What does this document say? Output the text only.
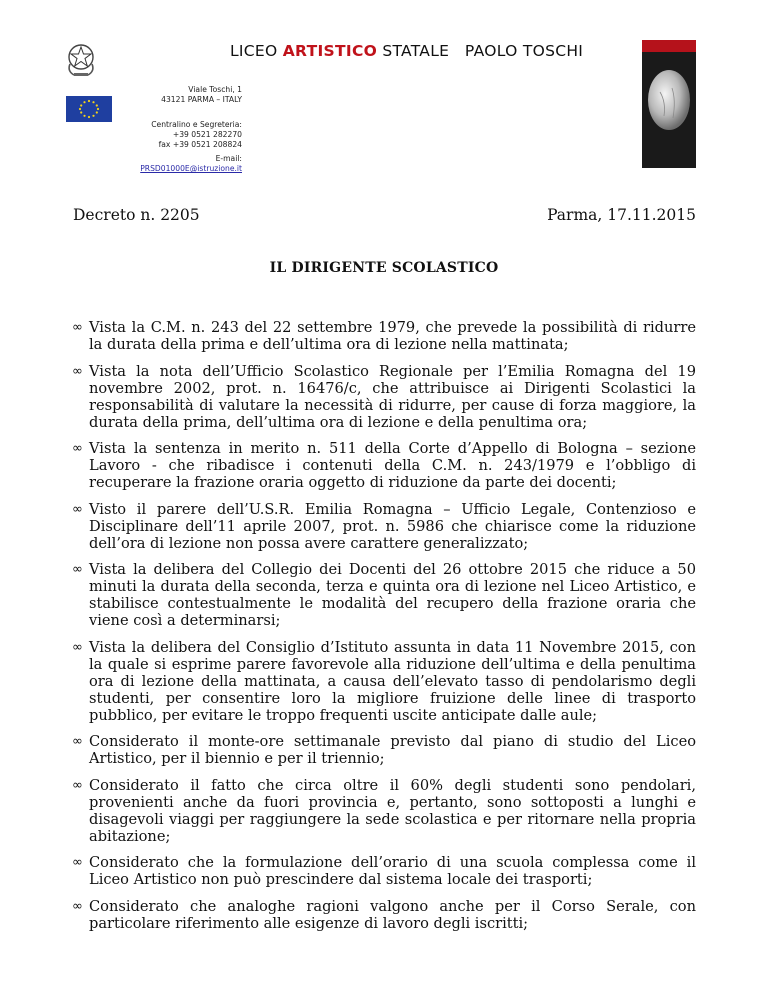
LICEO ARTISTICO STATALE   PAOLO TOSCHI
Viale Toschi, 1
43121 PARMA – ITALY
Centralino e Segreteria:
+39 0521 282270
fax +39 0521 208824
E-mail:
PRSD01000E@istruzione.it
Decreto n. 2205	Parma, 17.11.2015
IL DIRIGENTE SCOLASTICO
∞ Vista la C.M. n. 243 del 22 settembre 1979, che prevede la possibilità di ridurre la durata della prima e dell’ultima ora di lezione nella mattinata;
∞ Vista la nota dell’Ufficio Scolastico Regionale per l’Emilia Romagna del 19 novembre 2002, prot. n. 16476/c, che attribuisce ai Dirigenti Scolastici la responsabilità di valutare la necessità di ridurre, per cause di forza maggiore, la durata della prima, dell’ultima ora di lezione e della penultima ora;
∞ Vista la sentenza in merito n. 511 della Corte d’Appello di Bologna – sezione Lavoro - che ribadisce i contenuti della C.M. n. 243/1979 e l’obbligo di recuperare la frazione oraria oggetto di riduzione da parte dei docenti;
∞ Visto il parere dell’U.S.R. Emilia Romagna – Ufficio Legale, Contenzioso e Disciplinare dell’11 aprile 2007, prot. n. 5986 che chiarisce come la riduzione dell’ora di lezione non possa avere carattere generalizzato;
∞ Vista la delibera del Collegio dei Docenti del 26 ottobre 2015 che riduce a 50 minuti la durata della seconda, terza e quinta ora di lezione nel Liceo Artistico, e stabilisce contestualmente le modalità del recupero della frazione oraria che viene così a determinarsi;
∞ Vista la delibera del Consiglio d’Istituto assunta in data 11 Novembre 2015, con la quale si esprime parere favorevole alla riduzione dell’ultima e della penultima ora di lezione della mattinata, a causa dell’elevato tasso di pendolarismo degli studenti, per consentire loro la migliore fruizione delle linee di trasporto pubblico, per evitare le troppo frequenti uscite anticipate dalle aule;
∞ Considerato il monte-ore settimanale previsto dal piano di studio del Liceo Artistico, per il biennio e per il triennio;
∞ Considerato il fatto che circa oltre il 60% degli studenti sono pendolari, provenienti anche da fuori provincia e, pertanto, sono sottoposti a lunghi e disagevoli viaggi per raggiungere la sede scolastica e per ritornare nella propria abitazione;
∞ Considerato che la formulazione dell’orario di una scuola complessa come il Liceo Artistico non può prescindere dal sistema locale dei trasporti;
∞ Considerato che analoghe ragioni valgono anche per il Corso Serale, con particolare riferimento alle esigenze di lavoro degli iscritti;
